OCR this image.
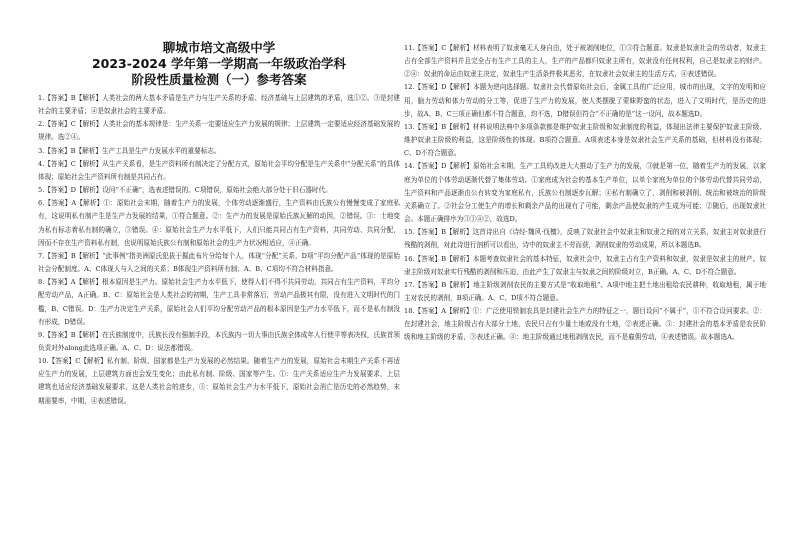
聊城市培文高级中学
2023-2024 学年第一学期高一年级政治学科
阶段性质量检测（一）参考答案
1.【答案】B【解析】人类社会的两大基本矛盾是生产力与生产关系的矛盾、经济基础与上层建筑的矛盾，选①②。③是封建社会的主要矛盾；④是奴隶社会的主要矛盾。
2.【答案】C【解析】人类社会的基本规律是：生产关系一定要适应生产力发展的规律；上层建筑一定要适应经济基础发展的规律。选②④。
3.【答案】B【解析】生产工具是生产力发展水平的重要标志。
4.【答案】C【解析】从生产关系看，是生产资料所有制决定了分配方式，原始社会平均分配是生产关系中“分配关系”的具体体现；原始社会生产资料所有制是共同占有。
5.【答案】D【解析】设问“不正确”，选表述错误的。C项错误，原始社会绝大部分处于旧石器时代。
6.【答案】A【解析】①：原始社会末期，随着生产力的发展，个体劳动逐渐盛行，生产资料由氏族公有慢慢变成了家庭私有，这说明私有制产生是生产力发展的结果，①符合题意。②：生产力的发展是原始氏族瓦解的动因，②错误。③：土地变为私有标志着私有制的确立，③错误。④：原始社会生产力水平低下，人们只能共同占有生产资料，共同劳动、共同分配，因而不存在生产资料私有制，也说明原始氏族公有制和原始社会的生产力状况相适应，④正确。
7.【答案】B【解析】“此事例”指美洲原氏犯拔于掘此布片分给每个人，体现“分配”关系，D项“平均分配产品”体现的是原始社会分配制度。A、C体现人与人之间的关系；B体现生产资料所有制；A、B、C项均不符合材料指意。
8.【答案】A【解析】根本原因是生产力。原始社会生产力水平低下，使得人们不得不共同劳动，共同占有生产资料，平均分配劳动产品，A正确。B、C：原始社会是人类社会的初期，生产工具非常落后，劳动产品极其有限，没有进入文明时代的门槛，B、C错误。D：生产力决定生产关系，原始社会人们平均分配劳动产品的根本原因是生产力水平低下，而不是私有制没有形成，D错误。
9.【答案】B【解析】在氏族制度中，氏族长没有强制手段，本氏族内一切大事由氏族全体成年人行使平等表决权，氏族首领负责对外along此选项正确。A、C、D：说法都错误。
10.【答案】C【解析】私有制、阶级、国家都是生产力发展的必然结果。随着生产力的发展，原始社会末期生产关系不再适应生产力的发展，上层建筑方面也会发生变化；由此私有制、阶级、国家等产生。①：生产关系适应生产力发展要求，上层建筑也适应经济基础发展要求，这是人类社会的进步，③：原始社会生产力水平低下，原始社会消亡是历史的必然趋势，末期需要率，中期，④表述错误。
11.【答案】C【解析】材料表明了奴隶毫无人身自由，处于被剥削地位，①③符合题意。奴隶是奴隶社会的劳动者，奴隶主占有全部生产资料并且完全占有生产工具的主人，生产的产品都归奴隶主所有，奴隶没有任何权利，自己是奴隶主的财产。②④：奴隶的命运由奴隶主决定，奴隶生产生活条件极其恶劣，在奴隶社会奴隶主的生活方式，④表述错误。
12.【答案】D【解析】本题为逆向选择题。奴隶社会代替原始社会后，金属工具的广泛应用，城市的出现，文字的发明和应用，脑力劳动和体力劳动的分工等，促进了生产力的发展，使人类摆脱了蒙昧野蛮的状态，进入了文明时代，是历史的进步，故A、B、C三项正确但都不符合题意，均不选，D错误但符合“不正确的是”这一设问，故本题选D。
13.【答案】B【解析】材料说明法典中多项条款都是维护奴隶主阶级和奴隶制度的利益，体现出法律主要保护奴隶主阶级、维护奴隶主阶级的利益，这是阶级性的体现。B项符合题意。A项表述本身是奴隶社会生产关系的基础，但材料没有体现；C、D不符合题意。
14.【答案】D【解析】原始社会末期，生产工具的改进大大推动了生产力的发展，③就是第一位，随着生产力的发展，以家庭为单位的个体劳动逐渐代替了集体劳动。①家庭成为社会的基本生产单位，以单个家庭为单位的个体劳动代替共同劳动，生产资料和产品逐渐由公有转变为家庭私有，氏族公有制逐步瓦解；④私有制确立了，剥削和被剥削、统治和被统治的阶级关系确立了。②社会分工使生产的增长和剩余产品的出现有了可能，剩余产品使奴隶的产生成为可能；②随后，出现奴隶社会。本题正确排序为③①④②，故选D。
15.【答案】B【解析】这首诗出自《诗经·魏风·伐檀》，反映了奴隶社会中奴隶主和奴隶之间的对立关系，奴隶主对奴隶进行残酷的剥削，对此诗进行剖析可以看出，诗中的奴隶主不劳而获，剥削奴隶的劳动成果，所以本题选B。
16.【答案】B【解析】本题考查奴隶社会的基本特征，奴隶社会中，奴隶主占有生产资料和奴隶，奴隶是奴隶主的财产。奴隶主阶级对奴隶实行残酷的剥削和压迫，由此产生了奴隶主与奴隶之间的阶级对立，B正确。A、C、D不符合题意。
17.【答案】B【解析】地主阶级剥削农民的主要方式是“收取地租”。A项中地主把土地出租给农民耕种，收取地租，属于地主对农民的剥削，B项正确。A、C、D项不符合题意。
18.【答案】A【解析】①：广泛使用铁制农具是封建社会生产力的特征之一，题目设问“不属于”，①不符合设问要求。②：在封建社会，地主阶级占有大部分土地，农民只占有少量土地或没有土地，②表述正确。③：封建社会的基本矛盾是农民阶级和地主阶级的矛盾，③表述正确。④：地主阶级通过地租剥削农民，而不是雇佣劳动，④表述错误。故本题选A。
